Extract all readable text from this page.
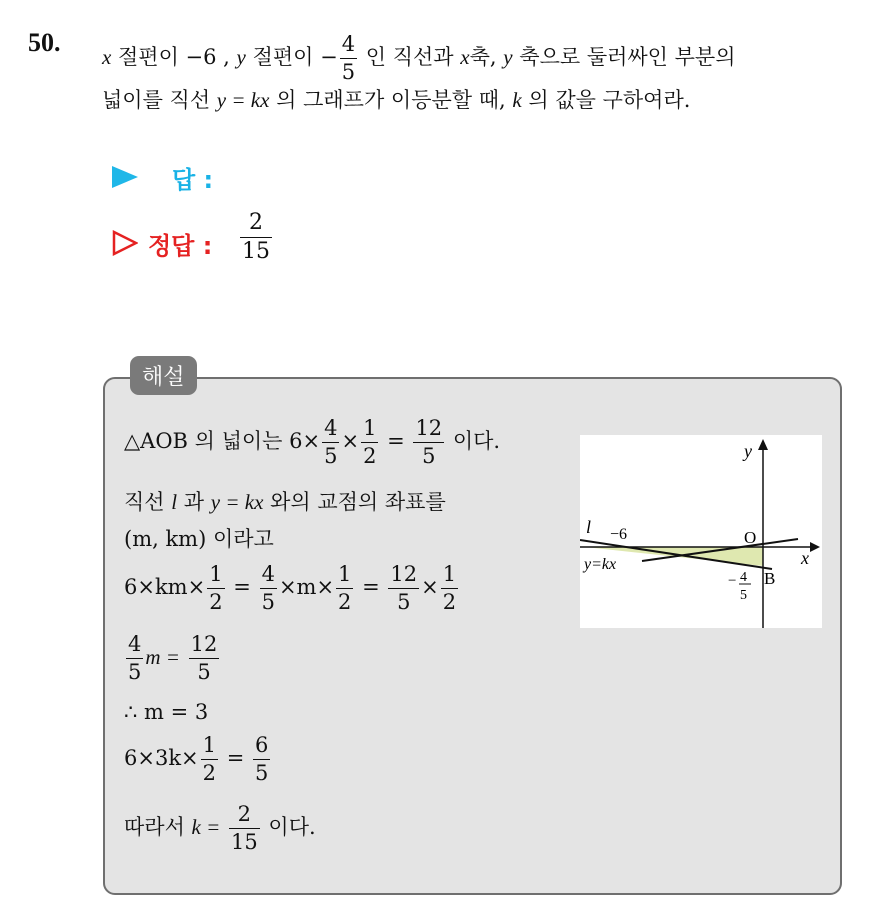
50. x 절편이 −6 , y 절편이 − $\frac{4}{5}$ 인 직선과 x축, y 축으로 둘러싸인 부분의
넓이를 직선 y = kx 의 그래프가 이등분할 때, k 의 값을 구하여라.
답 :
정답 : $\frac{2}{15}$
해설
△AOB 의 넓이는 $6\times \frac{4}{5} \times \frac{1}{2} = \frac{12}{5}$ 이다.
직선 l 과 y = kx 와의 교점의 좌표를
(m, km) 이라고
$6\times km\times \frac{1}{2} = \frac{4}{5} \times m\times \frac{1}{2} = \frac{12}{5} \times \frac{1}{2}$
$\frac{4}{5}$ $m = \frac{12}{5}$
∴ m = 3
$6\times 3k\times \frac{1}{2} = \frac{6}{5}$
따라서 $k = \frac{2}{15}$ 이다.
y
x
l −6	O
y=kx
− 4
5
B
